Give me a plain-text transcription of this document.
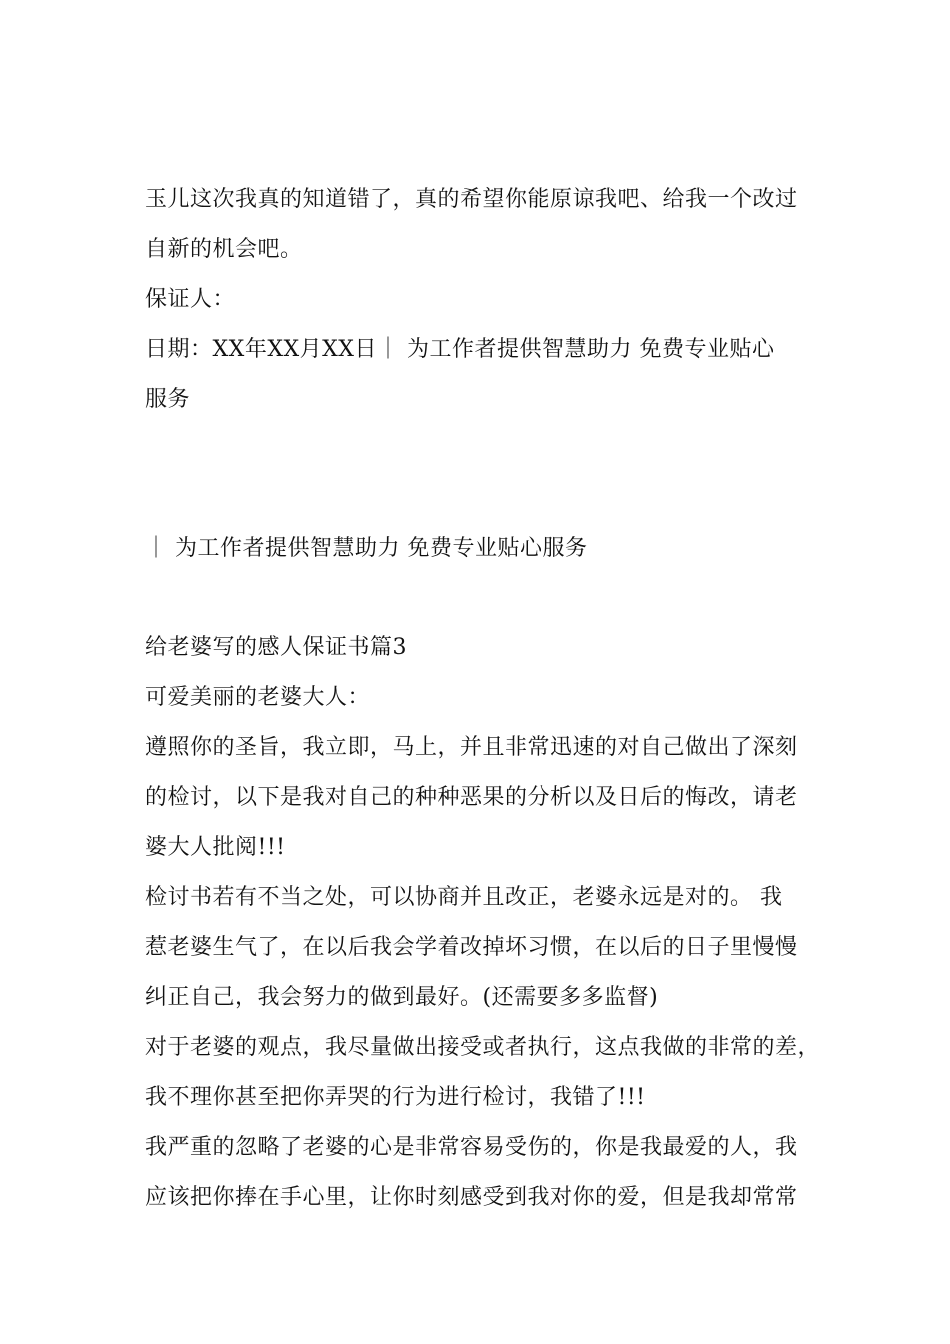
玉儿这次我真的知道错了，真的希望你能原谅我吧、给我一个改过
自新的机会吧。
保证人：
日期：XX年XX月XX日｜ 为工作者提供智慧助力 免费专业贴心
服务
｜ 为工作者提供智慧助力 免费专业贴心服务
给老婆写的感人保证书篇3
可爱美丽的老婆大人：
遵照你的圣旨，我立即，马上，并且非常迅速的对自己做出了深刻
的检讨，以下是我对自己的种种恶果的分析以及日后的悔改，请老
婆大人批阅!!!
检讨书若有不当之处，可以协商并且改正，老婆永远是对的。 我
惹老婆生气了，在以后我会学着改掉坏习惯，在以后的日子里慢慢
纠正自己，我会努力的做到最好。(还需要多多监督)
对于老婆的观点，我尽量做出接受或者执行，这点我做的非常的差，
我不理你甚至把你弄哭的行为进行检讨，我错了!!!
我严重的忽略了老婆的心是非常容易受伤的，你是我最爱的人，我
应该把你捧在手心里，让你时刻感受到我对你的爱，但是我却常常
